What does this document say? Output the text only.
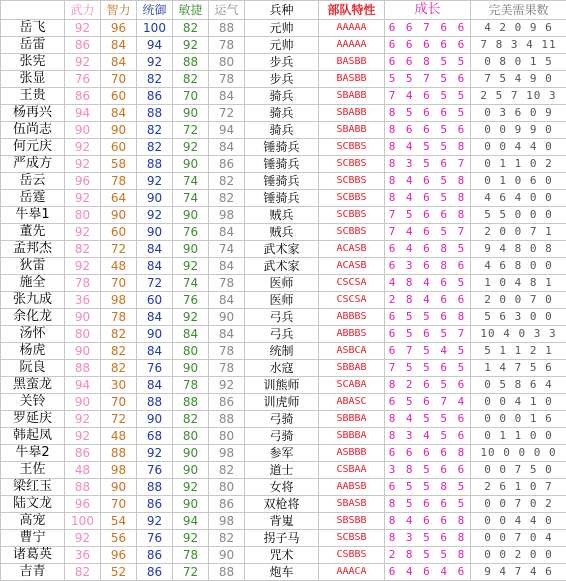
	武力	智力	统御	敏捷	运气	兵种	部队特性	成长	完美需果数
岳飞	92	96	100	82	88	元帅	AAAAA	6 6 7 6 6	4 2 0 9 6
岳雷	86	84	94	92	78	元帅	AAAAA	6 6 6 6 6	7 8 3 4 11
张宪	92	84	92	88	80	步兵	BASBB	6 6 8 5 5	0 8 0 1 5
张显	76	70	82	82	78	步兵	BASBB	5 5 7 5 6	7 5 4 9 0
王贵	86	60	86	70	84	骑兵	SBABB	7 4 6 5 5	2 5 7 10 3
杨再兴	94	84	88	90	72	骑兵	SBABB	8 5 6 6 5	0 3 6 0 9
伍尚志	90	90	82	72	94	骑兵	SBABB	8 6 6 5 6	0 0 9 9 0
何元庆	92	60	82	92	84	锤骑兵	SCBBS	8 4 5 5 8	0 0 4 4 0
严成方	92	58	88	90	86	锤骑兵	SCBBS	8 3 5 6 7	0 1 1 0 2
岳云	96	78	92	74	82	锤骑兵	SCBBS	8 4 6 5 8	0 1 0 6 0
岳霆	92	64	90	74	82	锤骑兵	SCBBS	8 4 6 5 8	4 6 4 0 0
牛皋1	80	90	92	90	98	贼兵	SCBBS	7 5 6 6 8	5 5 0 0 0
董先	92	60	90	76	84	贼兵	SCBBS	7 4 6 5 7	2 0 0 7 1
孟邦杰	82	72	84	90	74	武术家	ACASB	6 4 6 8 5	9 4 8 0 8
狄雷	92	48	84	92	84	武术家	ACASB	6 3 6 8 6	4 6 8 0 0
施全	78	70	72	74	78	医师	CSCSA	4 8 4 6 5	1 0 4 8 1
张九成	36	98	60	76	84	医师	CSCSA	2 8 4 6 6	2 0 0 7 0
余化龙	90	78	84	92	90	弓兵	ABBBS	6 5 5 6 8	5 6 3 0 0
汤怀	80	82	90	84	84	弓兵	ABBBS	6 5 6 5 7	10 4 0 3 3
杨虎	90	82	84	80	78	统制	ASBCA	6 7 5 4 5	5 1 1 2 1
阮良	88	82	76	90	78	水寇	SBBAB	7 5 5 6 5	1 4 7 5 6
黑蛮龙	94	30	84	78	92	训熊师	SCABA	8 2 6 5 6	0 5 8 6 4
关铃	90	70	88	88	86	训虎师	ABASC	6 5 6 7 4	0 0 4 1 0
罗延庆	92	72	90	82	88	弓骑	SBBBA	8 4 5 5 6	0 0 0 1 6
韩起凤	92	48	68	80	80	弓骑	SBBBA	8 3 4 5 6	0 1 1 0 0
牛皋2	86	88	92	90	98	参军	ASBBB	6 6 6 6 8	10 0 0 0 0
王佐	48	98	76	90	82	道士	CSBAA	3 8 5 6 6	0 0 7 5 0
梁红玉	88	90	88	92	80	女将	AABSB	6 5 5 8 5	2 6 1 0 7
陆文龙	96	70	86	90	86	双枪将	SBASB	8 5 6 6 5	0 0 7 0 2
高宠	100	54	92	94	98	背嵬	SBSBB	8 4 6 6 8	0 0 4 4 0
曹宁	92	56	76	92	82	拐子马	SCBSB	8 3 5 6 8	0 0 7 0 4
诸葛英	36	96	86	78	90	咒术	CSBBS	2 8 5 5 8	0 0 2 0 0
吉青	82	52	86	72	88	炮车	AAACA	6 4 6 4 6	9 4 7 4 6
